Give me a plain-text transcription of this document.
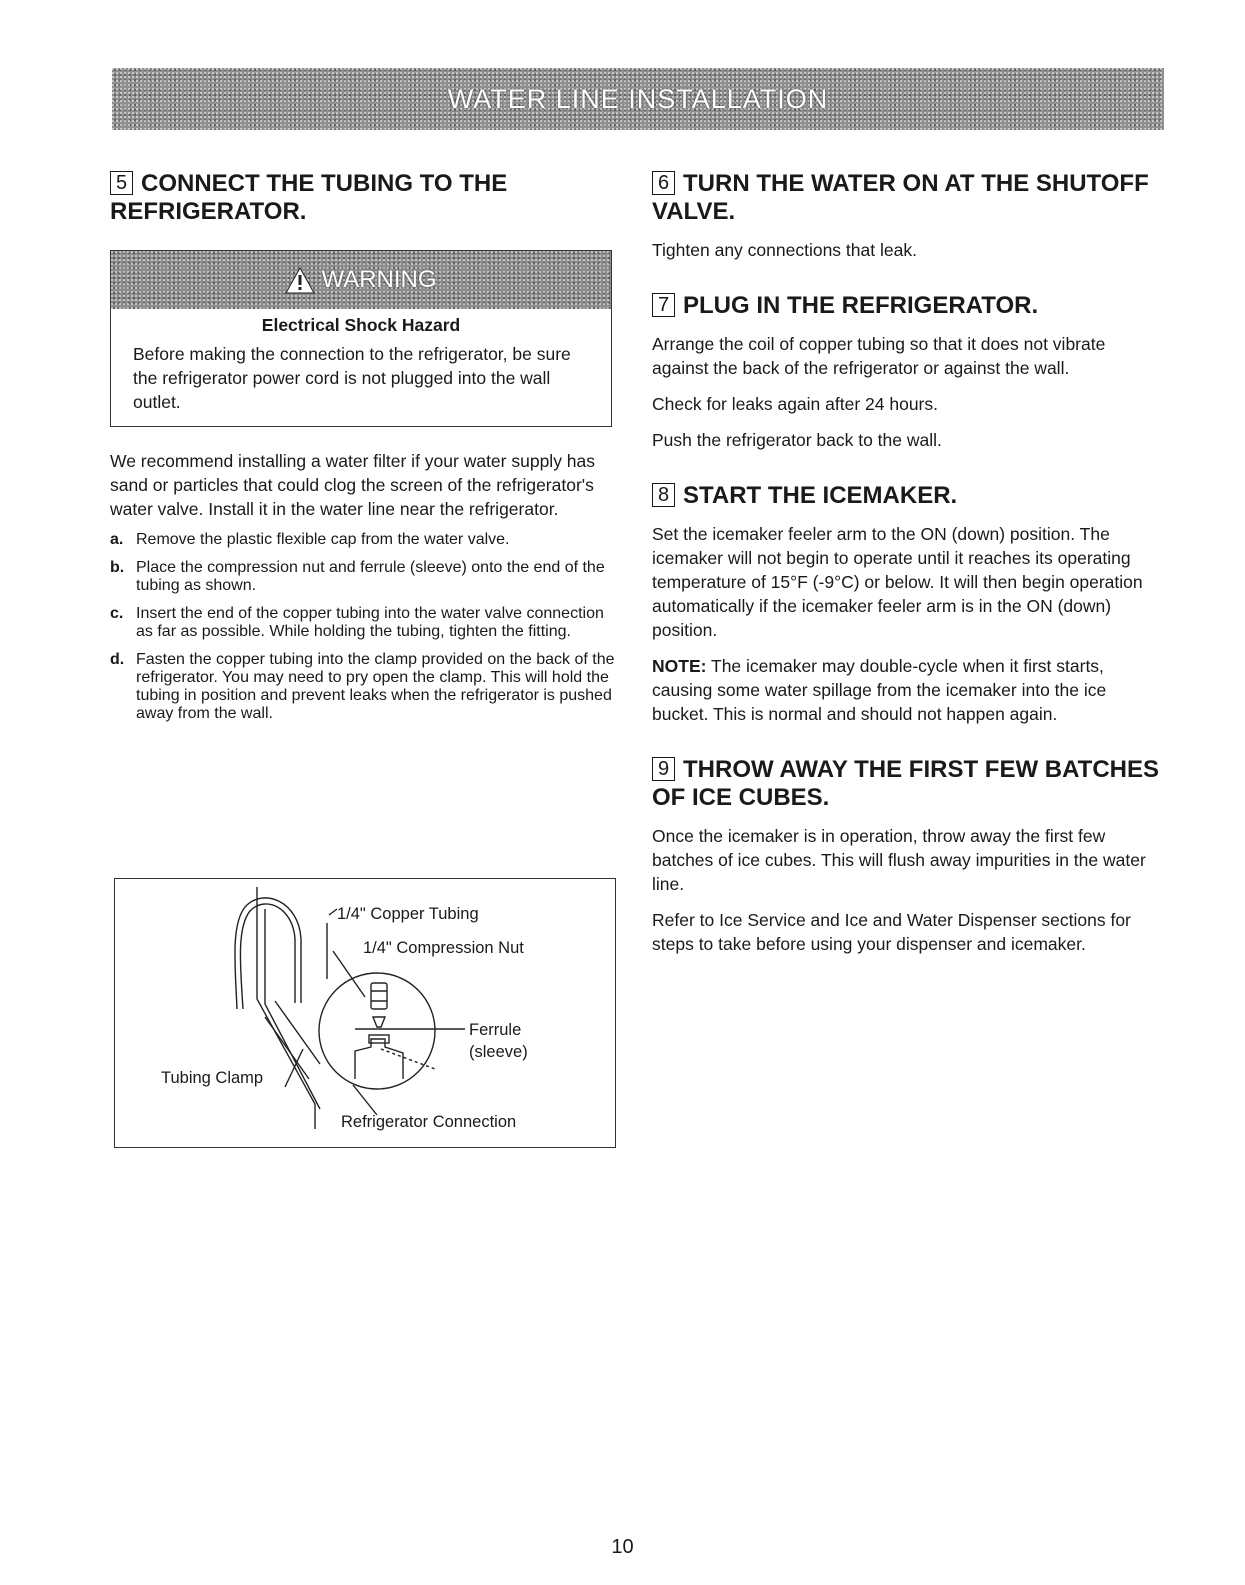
WATER LINE INSTALLATION
5 CONNECT THE TUBING TO THE REFRIGERATOR.
WARNING
Electrical Shock Hazard

Before making the connection to the refrigerator, be sure the refrigerator power cord is not plugged into the wall outlet.

We recommend installing a water filter if your water supply has sand or particles that could clog the screen of the refrigerator's water valve. Install it in the water line near the refrigerator.

a. Remove the plastic flexible cap from the water valve.
b. Place the compression nut and ferrule (sleeve) onto the end of the tubing as shown.
c. Insert the end of the copper tubing into the water valve connection as far as possible. While holding the tubing, tighten the fitting.
d. Fasten the copper tubing into the clamp provided on the back of the refrigerator. You may need to pry open the clamp. This will hold the tubing in position and prevent leaks when the refrigerator is pushed away from the wall.
1/4" Copper Tubing
1/4" Compression Nut
Ferrule
(sleeve)
Tubing Clamp
Refrigerator Connection
6 TURN THE WATER ON AT THE SHUTOFF VALVE.

Tighten any connections that leak.

7 PLUG IN THE REFRIGERATOR.

Arrange the coil of copper tubing so that it does not vibrate against the back of the refrigerator or against the wall.

Check for leaks again after 24 hours.

Push the refrigerator back to the wall.

8 START THE ICEMAKER.

Set the icemaker feeler arm to the ON (down) position. The icemaker will not begin to operate until it reaches its operating temperature of 15°F (-9°C) or below. It will then begin operation automatically if the icemaker feeler arm is in the ON (down) position.

NOTE: The icemaker may double-cycle when it first starts, causing some water spillage from the icemaker into the ice bucket. This is normal and should not happen again.

9 THROW AWAY THE FIRST FEW BATCHES OF ICE CUBES.

Once the icemaker is in operation, throw away the first few batches of ice cubes. This will flush away impurities in the water line.

Refer to Ice Service and Ice and Water Dispenser sections for steps to take before using your dispenser and icemaker.

10
